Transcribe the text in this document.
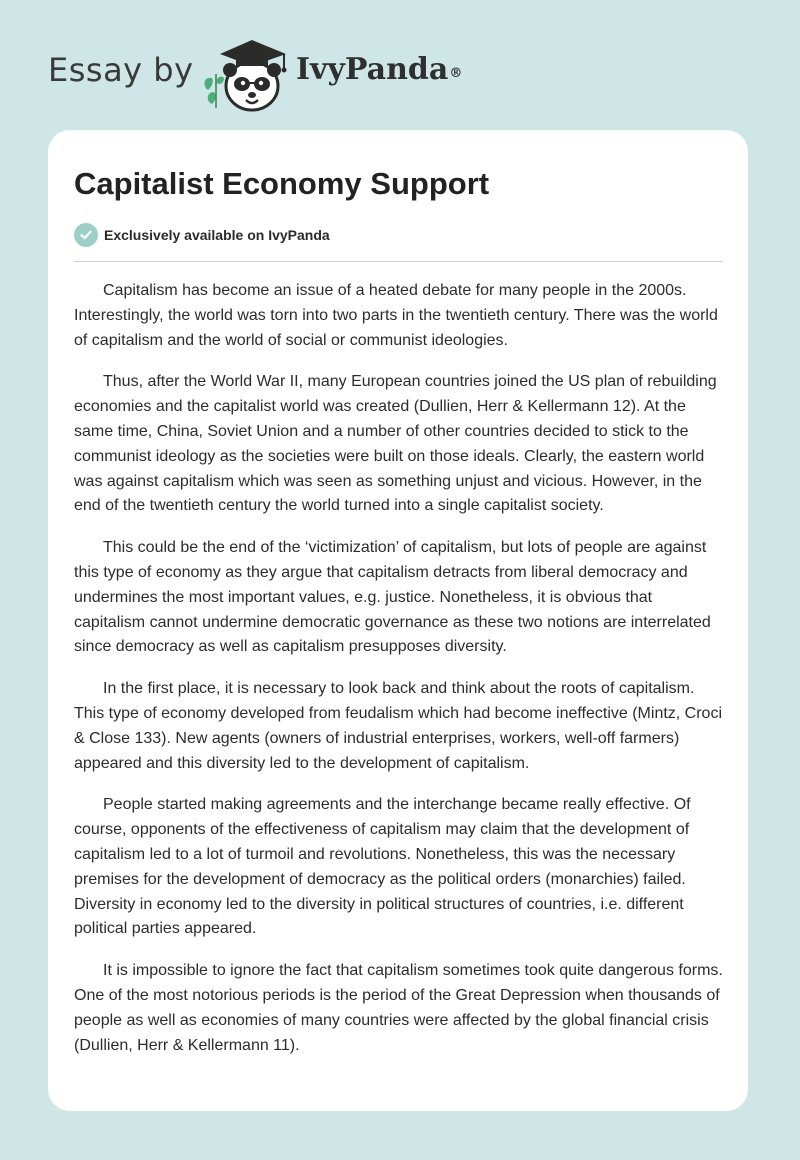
Essay by	IvyPanda®
Capitalist Economy Support
Exclusively available on IvyPanda

Capitalism has become an issue of a heated debate for many people in the 2000s. Interestingly, the world was torn into two parts in the twentieth century. There was the world of capitalism and the world of social or communist ideologies.

Thus, after the World War II, many European countries joined the US plan of rebuilding economies and the capitalist world was created (Dullien, Herr & Kellermann 12). At the same time, China, Soviet Union and a number of other countries decided to stick to the communist ideology as the societies were built on those ideals. Clearly, the eastern world was against capitalism which was seen as something unjust and vicious. However, in the end of the twentieth century the world turned into a single capitalist society.

This could be the end of the ‘victimization’ of capitalism, but lots of people are against this type of economy as they argue that capitalism detracts from liberal democracy and undermines the most important values, e.g. justice. Nonetheless, it is obvious that capitalism cannot undermine democratic governance as these two notions are interrelated since democracy as well as capitalism presupposes diversity.

In the first place, it is necessary to look back and think about the roots of capitalism. This type of economy developed from feudalism which had become ineffective (Mintz, Croci & Close 133). New agents (owners of industrial enterprises, workers, well-off farmers) appeared and this diversity led to the development of capitalism.

People started making agreements and the interchange became really effective. Of course, opponents of the effectiveness of capitalism may claim that the development of capitalism led to a lot of turmoil and revolutions. Nonetheless, this was the necessary premises for the development of democracy as the political orders (monarchies) failed. Diversity in economy led to the diversity in political structures of countries, i.e. different political parties appeared.

It is impossible to ignore the fact that capitalism sometimes took quite dangerous forms. One of the most notorious periods is the period of the Great Depression when thousands of people as well as economies of many countries were affected by the global financial crisis (Dullien, Herr & Kellermann 11).
